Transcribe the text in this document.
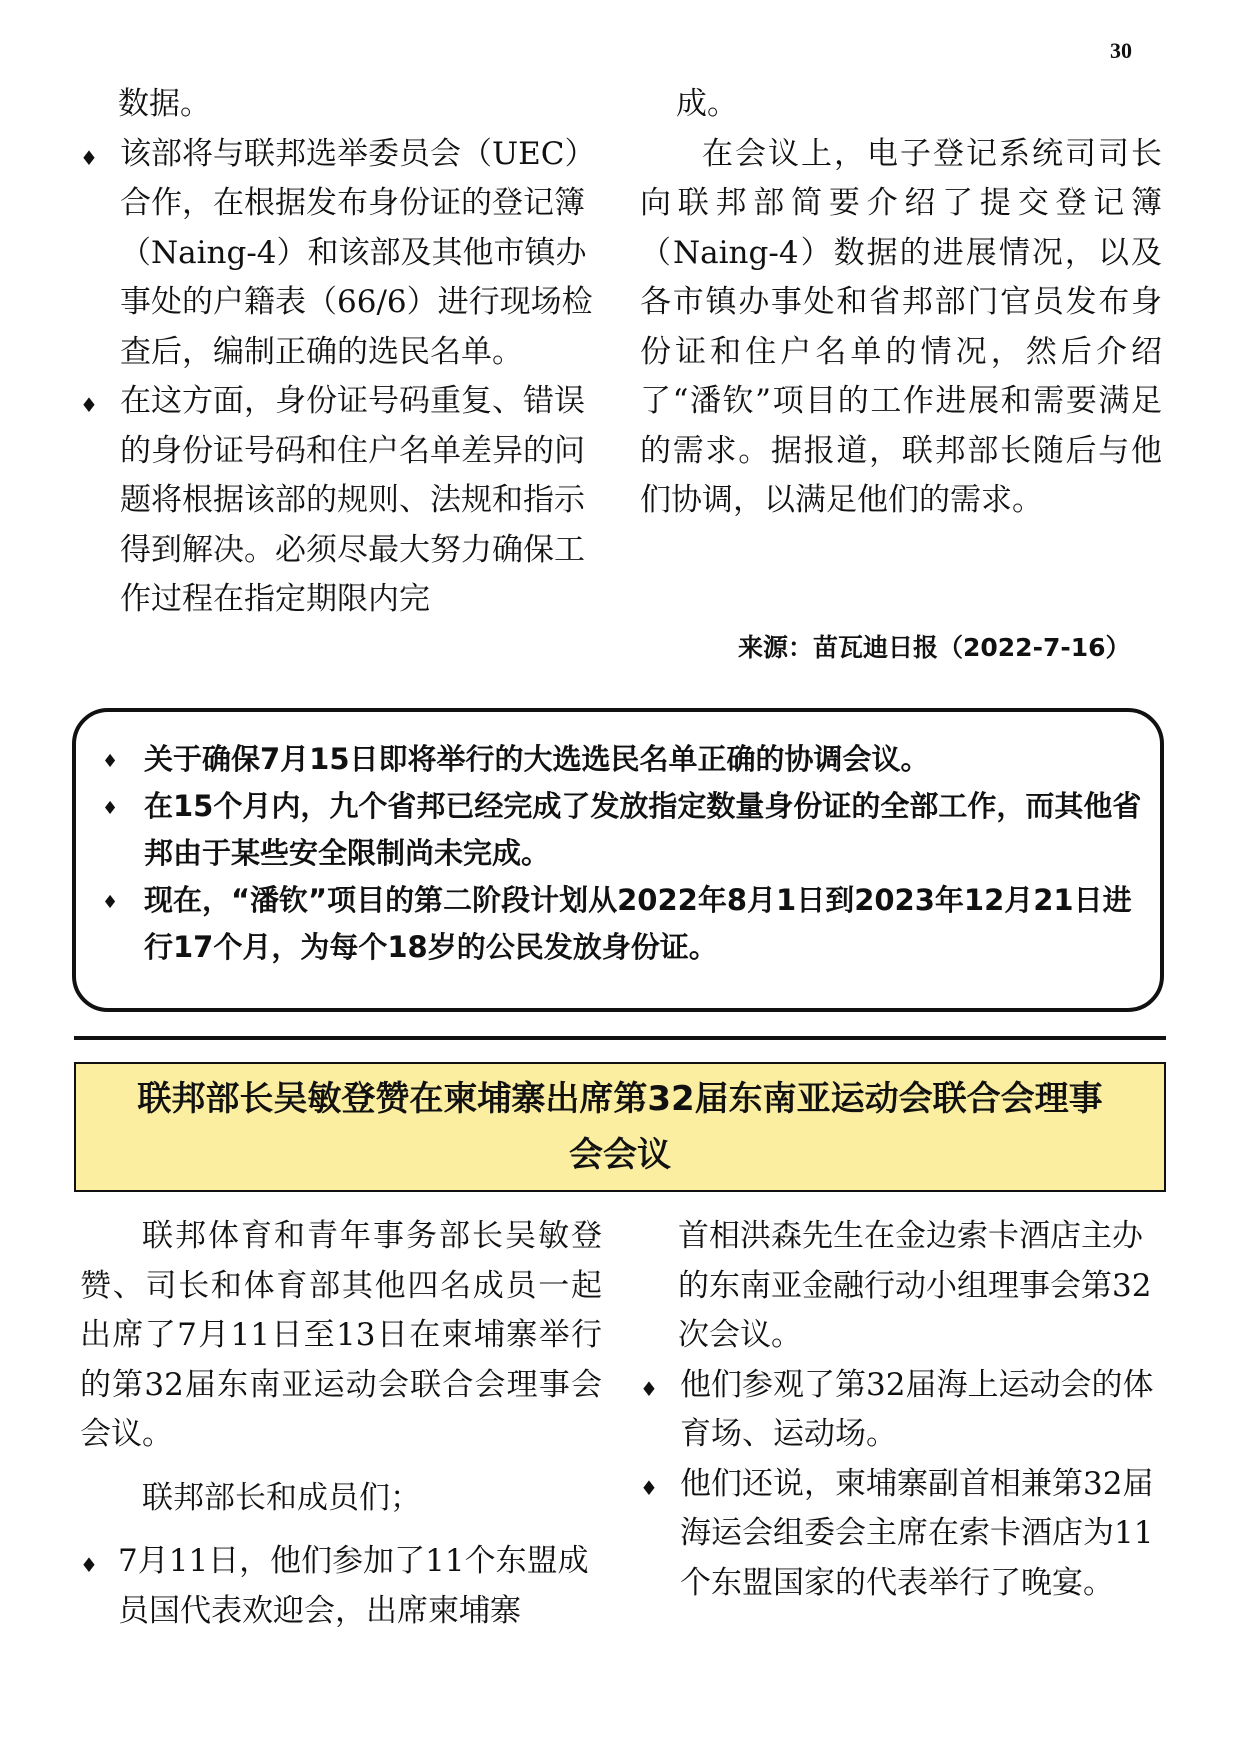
30

数据。

♦ 该部将与联邦选举委员会（UEC）合作，在根据发布身份证的登记簿（Naing-4）和该部及其他市镇办事处的户籍表（66/6）进行现场检查后，编制正确的选民名单。

♦ 在这方面，身份证号码重复、错误的身份证号码和住户名单差异的问题将根据该部的规则、法规和指示得到解决。必须尽最大努力确保工作过程在指定期限内完

成。

在会议上，电子登记系统司司长向联邦部简要介绍了提交登记簿（Naing-4）数据的进展情况，以及各市镇办事处和省邦部门官员发布身份证和住户名单的情况，然后介绍了“潘钦”项目的工作进展和需要满足的需求。据报道，联邦部长随后与他们协调，以满足他们的需求。

来源：苗瓦迪日报（2022-7-16）

♦ 关于确保7月15日即将举行的大选选民名单正确的协调会议。

♦ 在15个月内，九个省邦已经完成了发放指定数量身份证的全部工作，而其他省邦由于某些安全限制尚未完成。

♦ 现在，“潘钦”项目的第二阶段计划从2022年8月1日到2023年12月21日进行17个月，为每个18岁的公民发放身份证。

联邦部长吴敏登赞在柬埔寨出席第32届东南亚运动会联合会理事
会会议

联邦体育和青年事务部长吴敏登赞、司长和体育部其他四名成员一起出席了7月11日至13日在柬埔寨举行的第32届东南亚运动会联合会理事会会议。

联邦部长和成员们；

♦ 7月11日，他们参加了11个东盟成员国代表欢迎会，出席柬埔寨

首相洪森先生在金边索卡酒店主办的东南亚金融行动小组理事会第32次会议。

♦ 他们参观了第32届海上运动会的体育场、运动场。

♦ 他们还说，柬埔寨副首相兼第32届海运会组委会主席在索卡酒店为11个东盟国家的代表举行了晚宴。
